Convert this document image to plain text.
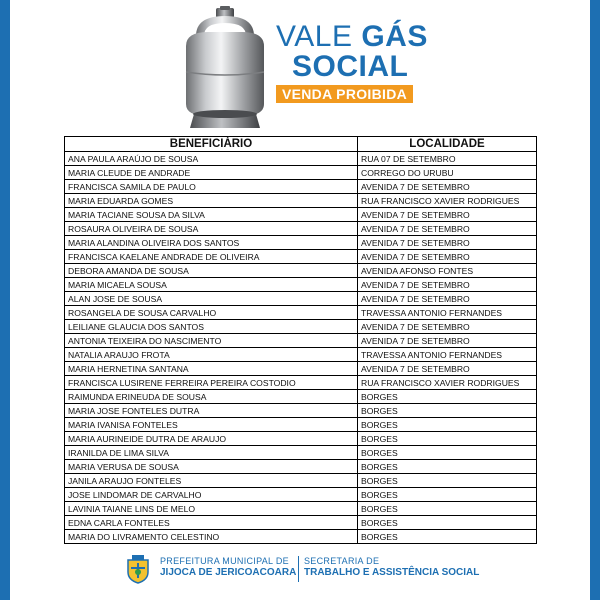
VALE GÁS
SOCIAL
VENDA PROIBIDA
BENEFICIÁRIO	LOCALIDADE
ANA PAULA ARAÚJO DE SOUSA	RUA 07 DE SETEMBRO
MARIA CLEUDE DE ANDRADE	CORREGO DO URUBU
FRANCISCA SAMILA DE PAULO	AVENIDA 7 DE SETEMBRO
MARIA EDUARDA GOMES	RUA FRANCISCO XAVIER RODRIGUES
MARIA TACIANE SOUSA DA SILVA	AVENIDA 7 DE SETEMBRO
ROSAURA OLIVEIRA DE SOUSA	AVENIDA 7 DE SETEMBRO
MARIA ALANDINA OLIVEIRA DOS SANTOS	AVENIDA 7 DE SETEMBRO
FRANCISCA KAELANE ANDRADE DE OLIVEIRA	AVENIDA 7 DE SETEMBRO
DEBORA AMANDA DE SOUSA	AVENIDA AFONSO FONTES
MARIA MICAELA SOUSA	AVENIDA 7 DE SETEMBRO
ALAN JOSE DE SOUSA	AVENIDA 7 DE SETEMBRO
ROSANGELA DE SOUSA CARVALHO	TRAVESSA ANTONIO FERNANDES
LEILIANE GLAUCIA DOS SANTOS	AVENIDA 7 DE SETEMBRO
ANTONIA TEIXEIRA DO NASCIMENTO	AVENIDA 7 DE SETEMBRO
NATALIA ARAUJO FROTA	TRAVESSA ANTONIO FERNANDES
MARIA HERNETINA SANTANA	AVENIDA 7 DE SETEMBRO
FRANCISCA LUSIRENE FERREIRA PEREIRA COSTODIO	RUA FRANCISCO XAVIER RODRIGUES
RAIMUNDA ERINEUDA DE SOUSA	BORGES
MARIA JOSE FONTELES DUTRA	BORGES
MARIA IVANISA FONTELES	BORGES
MARIA AURINEIDE DUTRA DE ARAUJO	BORGES
IRANILDA DE LIMA SILVA	BORGES
MARIA VERUSA DE SOUSA	BORGES
JANILA ARAUJO FONTELES	BORGES
JOSE LINDOMAR DE CARVALHO	BORGES
LAVINIA TAIANE LINS DE MELO	BORGES
EDNA CARLA FONTELES	BORGES
MARIA DO LIVRAMENTO CELESTINO	BORGES
PREFEITURA MUNICIPAL DE
JIJOCA DE JERICOACOARA
SECRETARIA DE
TRABALHO E ASSISTÊNCIA SOCIAL
